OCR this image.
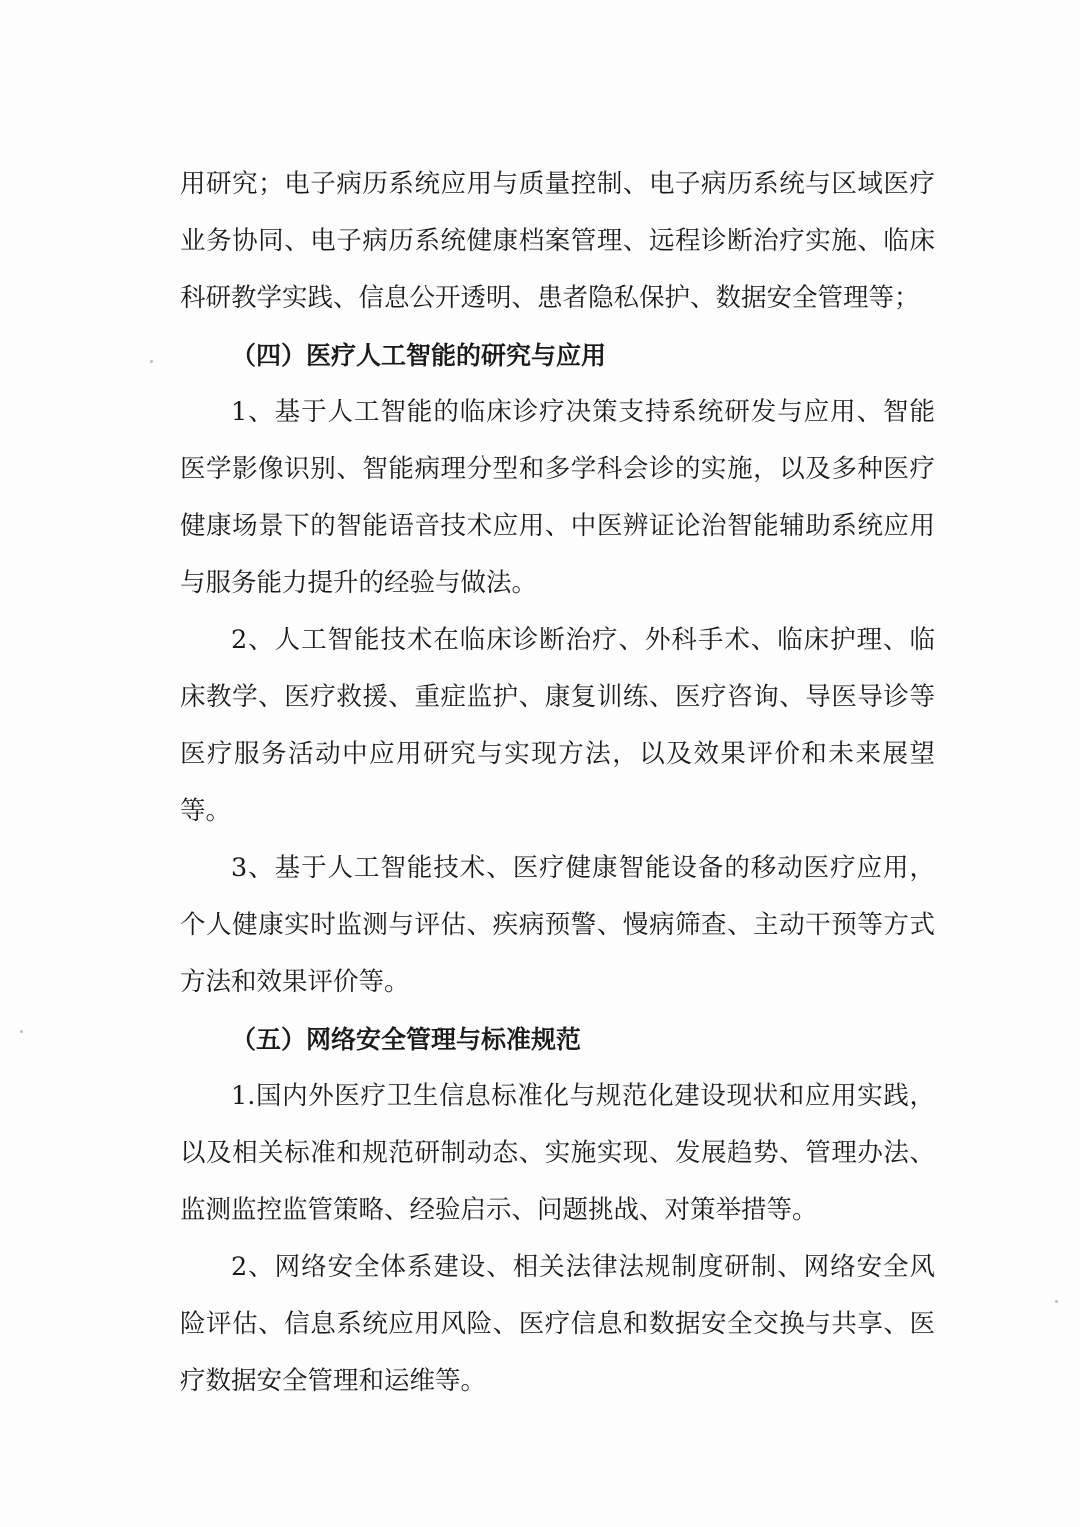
用研究；电子病历系统应用与质量控制、电子病历系统与区域医疗业务协同、电子病历系统健康档案管理、远程诊断治疗实施、临床科研教学实践、信息公开透明、患者隐私保护、数据安全管理等；

（四）医疗人工智能的研究与应用

1、基于人工智能的临床诊疗决策支持系统研发与应用、智能医学影像识别、智能病理分型和多学科会诊的实施，以及多种医疗健康场景下的智能语音技术应用、中医辨证论治智能辅助系统应用与服务能力提升的经验与做法。

2、人工智能技术在临床诊断治疗、外科手术、临床护理、临床教学、医疗救援、重症监护、康复训练、医疗咨询、导医导诊等医疗服务活动中应用研究与实现方法，以及效果评价和未来展望等。

3、基于人工智能技术、医疗健康智能设备的移动医疗应用，个人健康实时监测与评估、疾病预警、慢病筛查、主动干预等方式方法和效果评价等。

（五）网络安全管理与标准规范

1.国内外医疗卫生信息标准化与规范化建设现状和应用实践，以及相关标准和规范研制动态、实施实现、发展趋势、管理办法、监测监控监管策略、经验启示、问题挑战、对策举措等。

2、网络安全体系建设、相关法律法规制度研制、网络安全风险评估、信息系统应用风险、医疗信息和数据安全交换与共享、医疗数据安全管理和运维等。
